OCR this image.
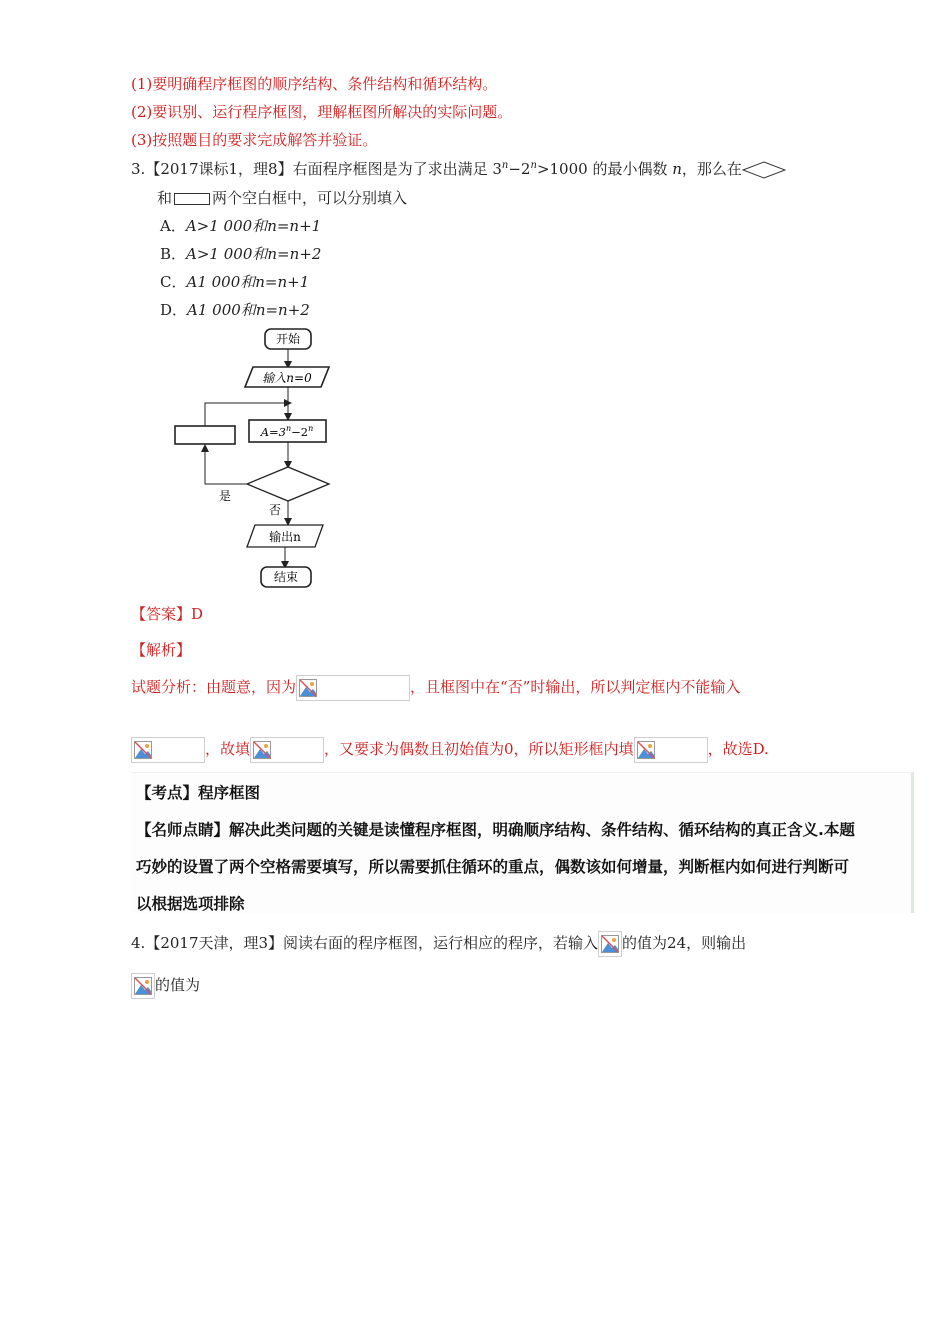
(1)要明确程序框图的顺序结构、条件结构和循环结构。
(2)要识别、运行程序框图，理解框图所解决的实际问题。
(3)按照题目的要求完成解答并验证。
3.【2017课标1，理8】右面程序框图是为了求出满足 $3^n-2^n>1000$ 的最小偶数 n，那么在
和	两个空白框中，可以分别填入
A．A>1 000和n=n+1
B．A>1 000和n=n+2
C．A1 000和n=n+1
D．A1 000和n=n+2
开始
输入n=0
$A=3^n-2^n$
是
否
输出n
结束
【答案】D
【解析】
试题分析：由题意，因为	，且框图中在“否”时输出，所以判定框内不能输入
，故填	，又要求为偶数且初始值为0，所以矩形框内填	，故选D.
【考点】程序框图
【名师点睛】解决此类问题的关键是读懂程序框图，明确顺序结构、条件结构、循环结构的真正含义.本题
巧妙的设置了两个空格需要填写，所以需要抓住循环的重点，偶数该如何增量，判断框内如何进行判断可
以根据选项排除
4.【2017天津，理3】阅读右面的程序框图，运行相应的程序，若输入 的值为24，则输出
的值为
